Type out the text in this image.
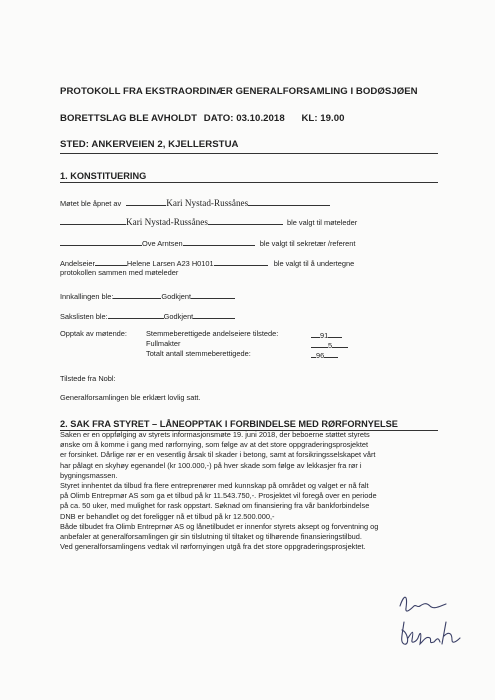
PROTOKOLL FRA EKSTRAORDINÆR GENERALFORSAMLING I BODØSJØEN
BORETTSLAG BLE AVHOLDT DATO: 03.10.2018 KL: 19.00
STED: ANKERVEIEN 2, KJELLERSTUA
1. KONSTITUERING
Møtet ble åpnet av	Kari Nystad-Russånes
Kari Nystad-Russånes	ble valgt til møteleder
Ove Arntsen	ble valgt til sekretær /referent
Andelseier	Helene Larsen A23 H0101	ble valgt til å undertegne
protokollen sammen med møteleder
Innkallingen ble:	Godkjent
Sakslisten ble:	Godkjent
Opptak av møtende:	Stemmeberettigede andelseiere tilstede:	91
Fullmakter	5
Totalt antall stemmeberettigede:	96
Tilstede fra Nobl:
Generalforsamlingen ble erklært lovlig satt.
2. SAK FRA STYRET – LÅNEOPPTAK I FORBINDELSE MED RØRFORNYELSE

Saken er en oppfølging av styrets informasjonsmøte 19. juni 2018, der beboerne støttet styrets

ønske om å komme i gang med rørfornying, som følge av at det store oppgraderingsprosjektet

er forsinket. Dårlige rør er en vesentlig årsak til skader i betong, samt at forsikringsselskapet vårt

har pålagt en skyhøy egenandel (kr 100.000,-) på hver skade som følge av lekkasjer fra rør i

bygningsmassen.

Styret innhentet da tilbud fra flere entreprenører med kunnskap på området og valget er nå falt

på Olimb Entreprnør AS som ga et tilbud på kr 11.543.750,-. Prosjektet vil foregå over en periode

på ca. 50 uker, med mulighet for rask oppstart. Søknad om finansiering fra vår bankforbindelse

DNB er behandlet og det foreligger nå et tilbud på kr 12.500.000,-

Både tilbudet fra Olimb Entreprnør AS og lånetilbudet er innenfor styrets aksept og forventning og

anbefaler at generalforsamlingen gir sin tilslutning til tiltaket og tilhørende finansieringstilbud.

Ved generalforsamlingens vedtak vil rørfornyingen utgå fra det store oppgraderingsprosjektet.
